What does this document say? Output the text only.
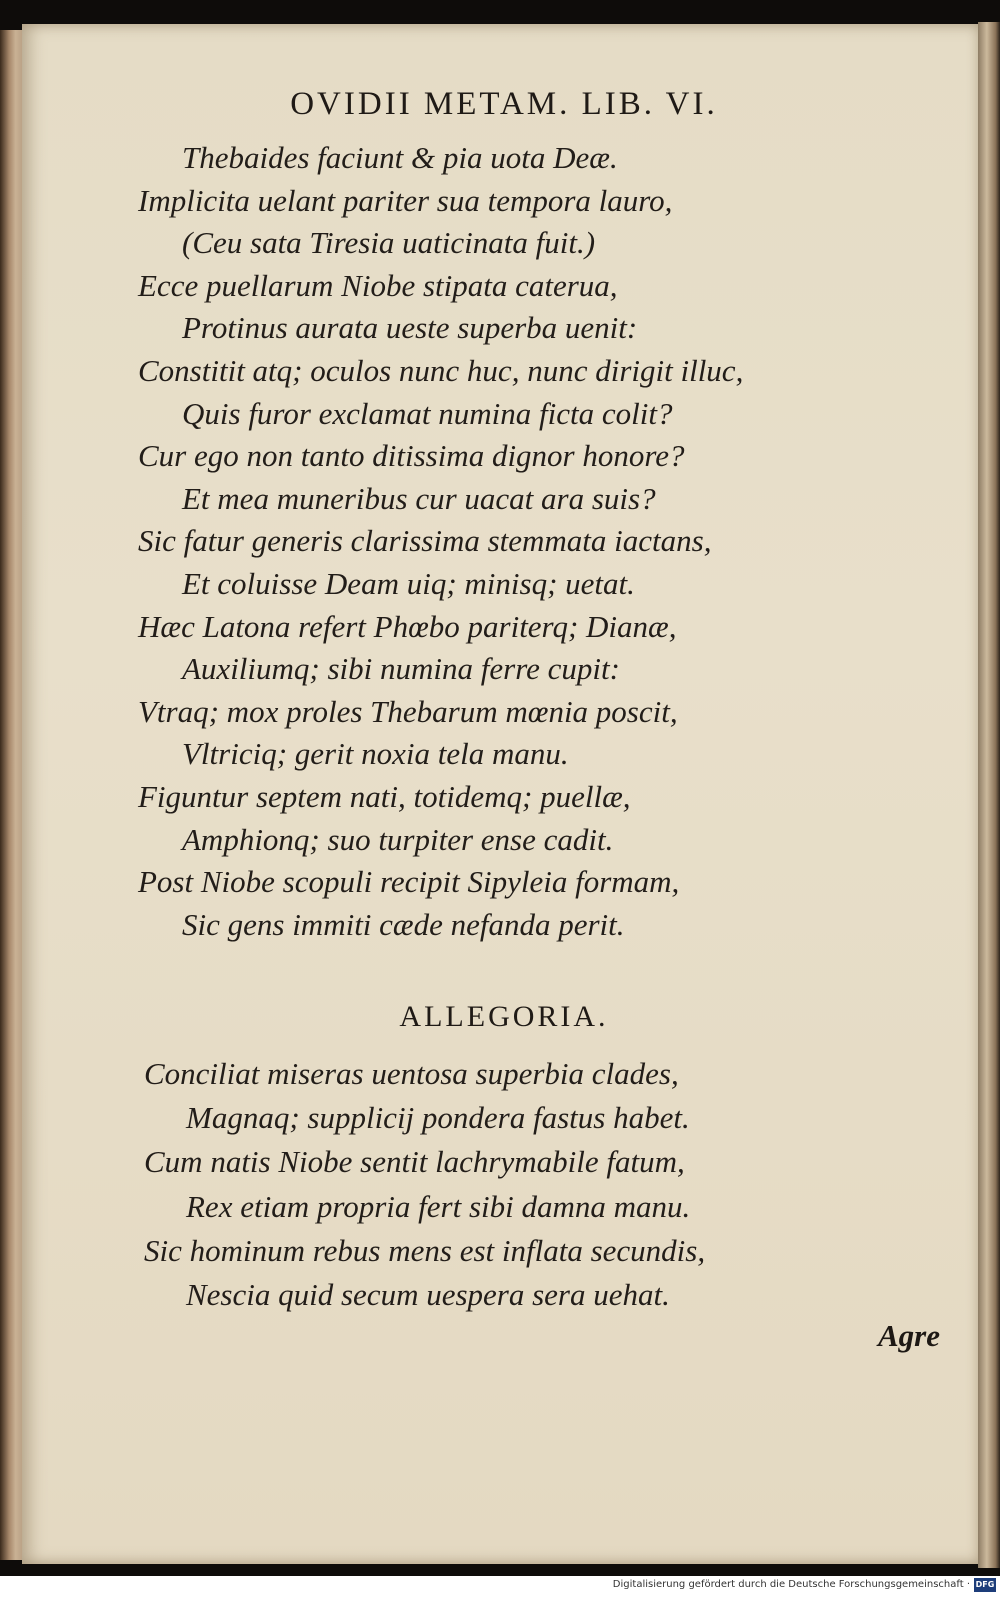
OVIDII METAM. LIB. VI.
Thebaides faciunt & pia uota Deæ.
Implicita uelant pariter sua tempora lauro,
(Ceu sata Tiresia uaticinata fuit.)
Ecce puellarum Niobe stipata caterua,
Protinus aurata ueste superba uenit:
Constitit atq; oculos nunc huc, nunc dirigit illuc,
Quis furor exclamat numina ficta colit?
Cur ego non tanto ditissima dignor honore?
Et mea muneribus cur uacat ara suis?
Sic fatur generis clarissima stemmata iactans,
Et coluisse Deam uiq; minisq; uetat.
Hæc Latona refert Phœbo pariterq; Dianæ,
Auxiliumq; sibi numina ferre cupit:
Vtraq; mox proles Thebarum mœnia poscit,
Vltriciq; gerit noxia tela manu.
Figuntur septem nati, totidemq; puellæ,
Amphionq; suo turpiter ense cadit.
Post Niobe scopuli recipit Sipyleia formam,
Sic gens immiti cæde nefanda perit.
ALLEGORIA.
Conciliat miseras uentosa superbia clades,
Magnaq; supplicij pondera fastus habet.
Cum natis Niobe sentit lachrymabile fatum,
Rex etiam propria fert sibi damna manu.
Sic hominum rebus mens est inflata secundis,
Nescia quid secum uespera sera uehat.
Agre
Digitalisierung gefördert durch die Deutsche Forschungsgemeinschaft · DFG
